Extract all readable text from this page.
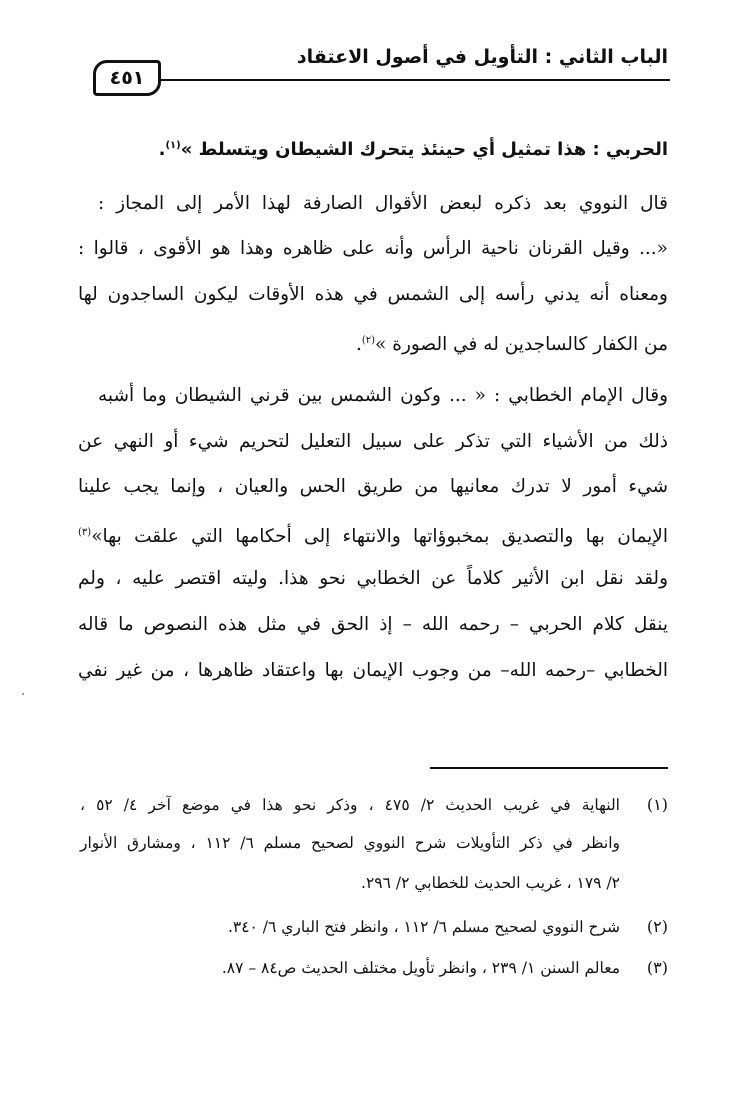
الباب الثاني : التأويل في أصول الاعتقاد
٤٥١
الحربي : هذا تمثيل أي حينئذ يتحرك الشيطان ويتسلط »$^{(١)}$.
قال النووي بعد ذكره لبعض الأقوال الصارفة لهذا الأمر إلى المجاز :
«... وقيل القرنان ناحية الرأس وأنه على ظاهره وهذا هو الأقوى ، قالوا :
ومعناه أنه يدني رأسه إلى الشمس في هذه الأوقات ليكون الساجدون لها
من الكفار كالساجدين له في الصورة »$^{(٢)}$.
وقال الإمام الخطابي : « ... وكون الشمس بين قرني الشيطان وما أشبه
ذلك من الأشياء التي تذكر على سبيل التعليل لتحريم شيء أو النهي عن
شيء أمور لا تدرك معانيها من طريق الحس والعيان ، وإنما يجب علينا
الإيمان بها والتصديق بمخبوؤاتها والانتهاء إلى أحكامها التي علقت بها»$^{(٣)}$
ولقد نقل ابن الأثير كلاماً عن الخطابي نحو هذا. وليته اقتصر عليه ، ولم
ينقل كلام الحربي – رحمه الله – إذ الحق في مثل هذه النصوص ما قاله
الخطابي –رحمه الله– من وجوب الإيمان بها واعتقاد ظاهرها ، من غير نفي
(١)
النهاية في غريب الحديث ٢/ ٤٧٥ ، وذكر نحو هذا في موضع آخر ٤/ ٥٢ ،
وانظر في ذكر التأويلات شرح النووي لصحيح مسلم ٦/ ١١٢ ، ومشارق الأنوار
٢/ ١٧٩ ، غريب الحديث للخطابي ٢/ ٢٩٦.
(٢)
شرح النووي لصحيح مسلم ٦/ ١١٢ ، وانظر فتح الباري ٦/ ٣٤٠.
(٣)
معالم السنن ١/ ٢٣٩ ، وانظر تأويل مختلف الحديث ص٨٤ – ٨٧.
